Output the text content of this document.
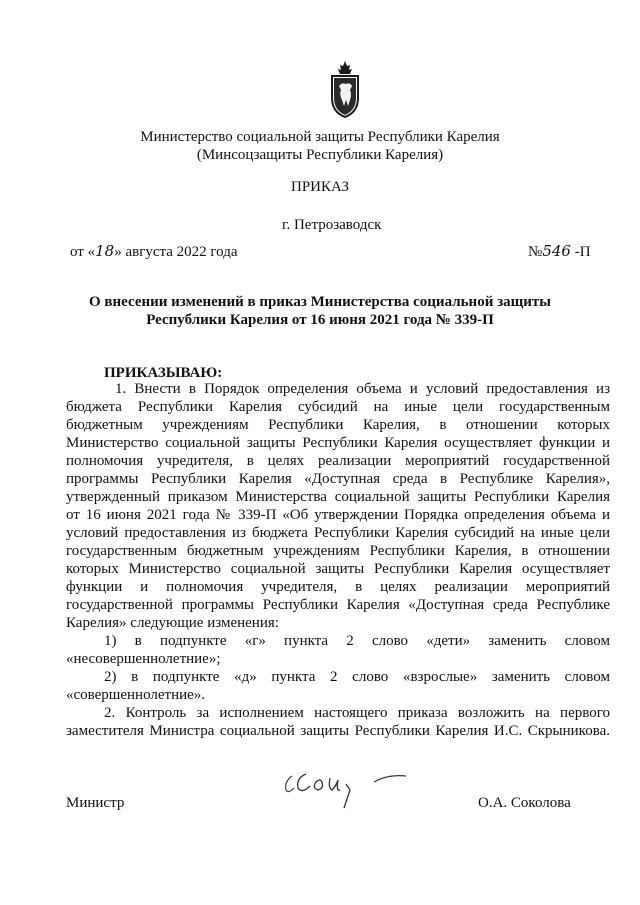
Министерство социальной защиты Республики Карелия
(Минсоцзащиты Республики Карелия)
ПРИКАЗ
г. Петрозаводск
от «18» августа 2022 года	№546 -П
О внесении изменений в приказ Министерства социальной защиты
Республики Карелия от 16 июня 2021 года № 339-П
ПРИКАЗЫВАЮ:
1. Внести в Порядок определения объема и условий предоставления из
бюджета Республики Карелия субсидий на иные цели государственным
бюджетным учреждениям Республики Карелия, в отношении которых
Министерство социальной защиты Республики Карелия осуществляет функции и
полномочия учредителя, в целях реализации мероприятий государственной
программы Республики Карелия «Доступная среда в Республике Карелия»,
утвержденный приказом Министерства социальной защиты Республики Карелия
от 16 июня 2021 года № 339-П «Об утверждении Порядка определения объема и
условий предоставления из бюджета Республики Карелия субсидий на иные цели
государственным бюджетным учреждениям Республики Карелия, в отношении
которых Министерство социальной защиты Республики Карелия осуществляет
функции и полномочия учредителя, в целях реализации мероприятий
государственной программы Республики Карелия «Доступная среда Республике
Карелия» следующие изменения:
1) в подпункте «г» пункта 2 слово «дети» заменить словом
«несовершеннолетние»;
2) в подпункте «д» пункта 2 слово «взрослые» заменить словом
«совершеннолетние».
2. Контроль за исполнением настоящего приказа возложить на первого
заместителя Министра социальной защиты Республики Карелия И.С. Скрыникова.
Министр	О.А. Соколова
